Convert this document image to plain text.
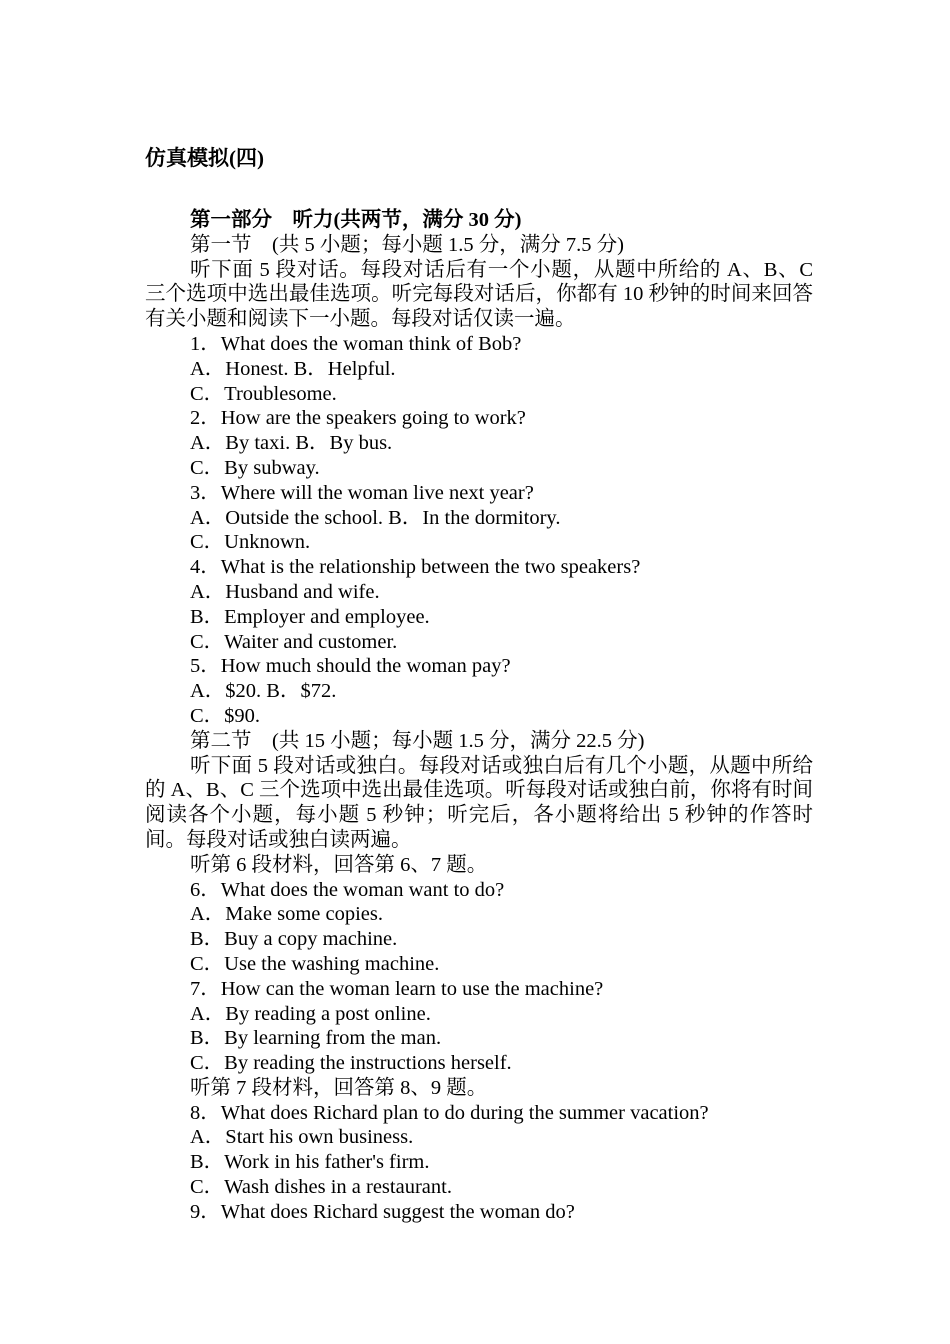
仿真模拟(四)
第一部分　听力(共两节，满分 30 分)
第一节　(共 5 小题；每小题 1.5 分，满分 7.5 分)
听下面 5 段对话。每段对话后有一个小题，从题中所给的 A、B、C 三个选项中选出最佳选项。听完每段对话后，你都有 10 秒钟的时间来回答有关小题和阅读下一小题。每段对话仅读一遍。
1．What does the woman think of Bob?
A．Honest. B．Helpful.
C．Troublesome.
2．How are the speakers going to work?
A．By taxi. B．By bus.
C．By subway.
3．Where will the woman live next year?
A．Outside the school. B．In the dormitory.
C．Unknown.
4．What is the relationship between the two speakers?
A．Husband and wife.
B．Employer and employee.
C．Waiter and customer.
5．How much should the woman pay?
A．$20. B．$72.
C．$90.
第二节　(共 15 小题；每小题 1.5 分，满分 22.5 分)
听下面 5 段对话或独白。每段对话或独白后有几个小题，从题中所给的 A、B、C 三个选项中选出最佳选项。听每段对话或独白前，你将有时间阅读各个小题，每小题 5 秒钟；听完后，各小题将给出 5 秒钟的作答时间。每段对话或独白读两遍。
听第 6 段材料，回答第 6、7 题。
6．What does the woman want to do?
A．Make some copies.
B．Buy a copy machine.
C．Use the washing machine.
7．How can the woman learn to use the machine?
A．By reading a post online.
B．By learning from the man.
C．By reading the instructions herself.
听第 7 段材料，回答第 8、9 题。
8．What does Richard plan to do during the summer vacation?
A．Start his own business.
B．Work in his father's firm.
C．Wash dishes in a restaurant.
9．What does Richard suggest the woman do?
